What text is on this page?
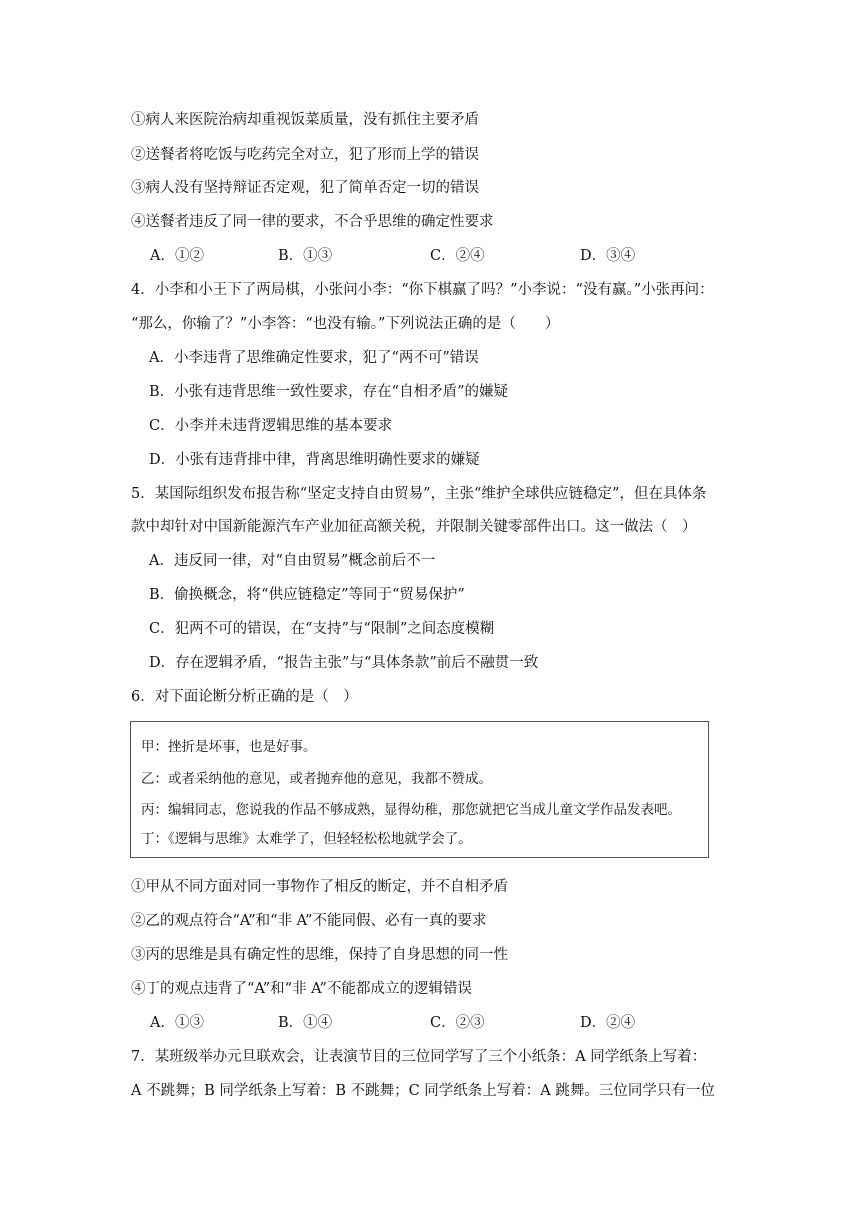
①病人来医院治病却重视饭菜质量，没有抓住主要矛盾
②送餐者将吃饭与吃药完全对立，犯了形而上学的错误
③病人没有坚持辩证否定观，犯了简单否定一切的错误
④送餐者违反了同一律的要求，不合乎思维的确定性要求
A．①②	B．①③	C．②④	D．③④
4．小李和小王下了两局棋，小张问小李：“你下棋赢了吗？”小李说：“没有赢。”小张再问：
“那么，你输了？”小李答：“也没有输。”下列说法正确的是（　　）
A．小李违背了思维确定性要求，犯了“两不可”错误
B．小张有违背思维一致性要求，存在“自相矛盾”的嫌疑
C．小李并未违背逻辑思维的基本要求
D．小张有违背排中律，背离思维明确性要求的嫌疑
5．某国际组织发布报告称“坚定支持自由贸易”，主张“维护全球供应链稳定”，但在具体条
款中却针对中国新能源汽车产业加征高额关税，并限制关键零部件出口。这一做法（　）
A．违反同一律，对“自由贸易”概念前后不一
B．偷换概念，将“供应链稳定”等同于“贸易保护”
C．犯两不可的错误，在“支持”与“限制”之间态度模糊
D．存在逻辑矛盾，“报告主张”与“具体条款”前后不融贯一致
6．对下面论断分析正确的是（　）
甲：挫折是坏事，也是好事。
乙：或者采纳他的意见，或者抛弃他的意见，我都不赞成。
丙：编辑同志，您说我的作品不够成熟，显得幼稚，那您就把它当成儿童文学作品发表吧。
丁：《逻辑与思维》太难学了，但轻轻松松地就学会了。
①甲从不同方面对同一事物作了相反的断定，并不自相矛盾
②乙的观点符合“A”和“非 A”不能同假、必有一真的要求
③丙的思维是具有确定性的思维，保持了自身思想的同一性
④丁的观点违背了“A”和“非 A”不能都成立的逻辑错误
A．①③	B．①④	C．②③	D．②④
7．某班级举办元旦联欢会，让表演节目的三位同学写了三个小纸条：A 同学纸条上写着：
A 不跳舞；B 同学纸条上写着：B 不跳舞；C 同学纸条上写着：A 跳舞。三位同学只有一位
